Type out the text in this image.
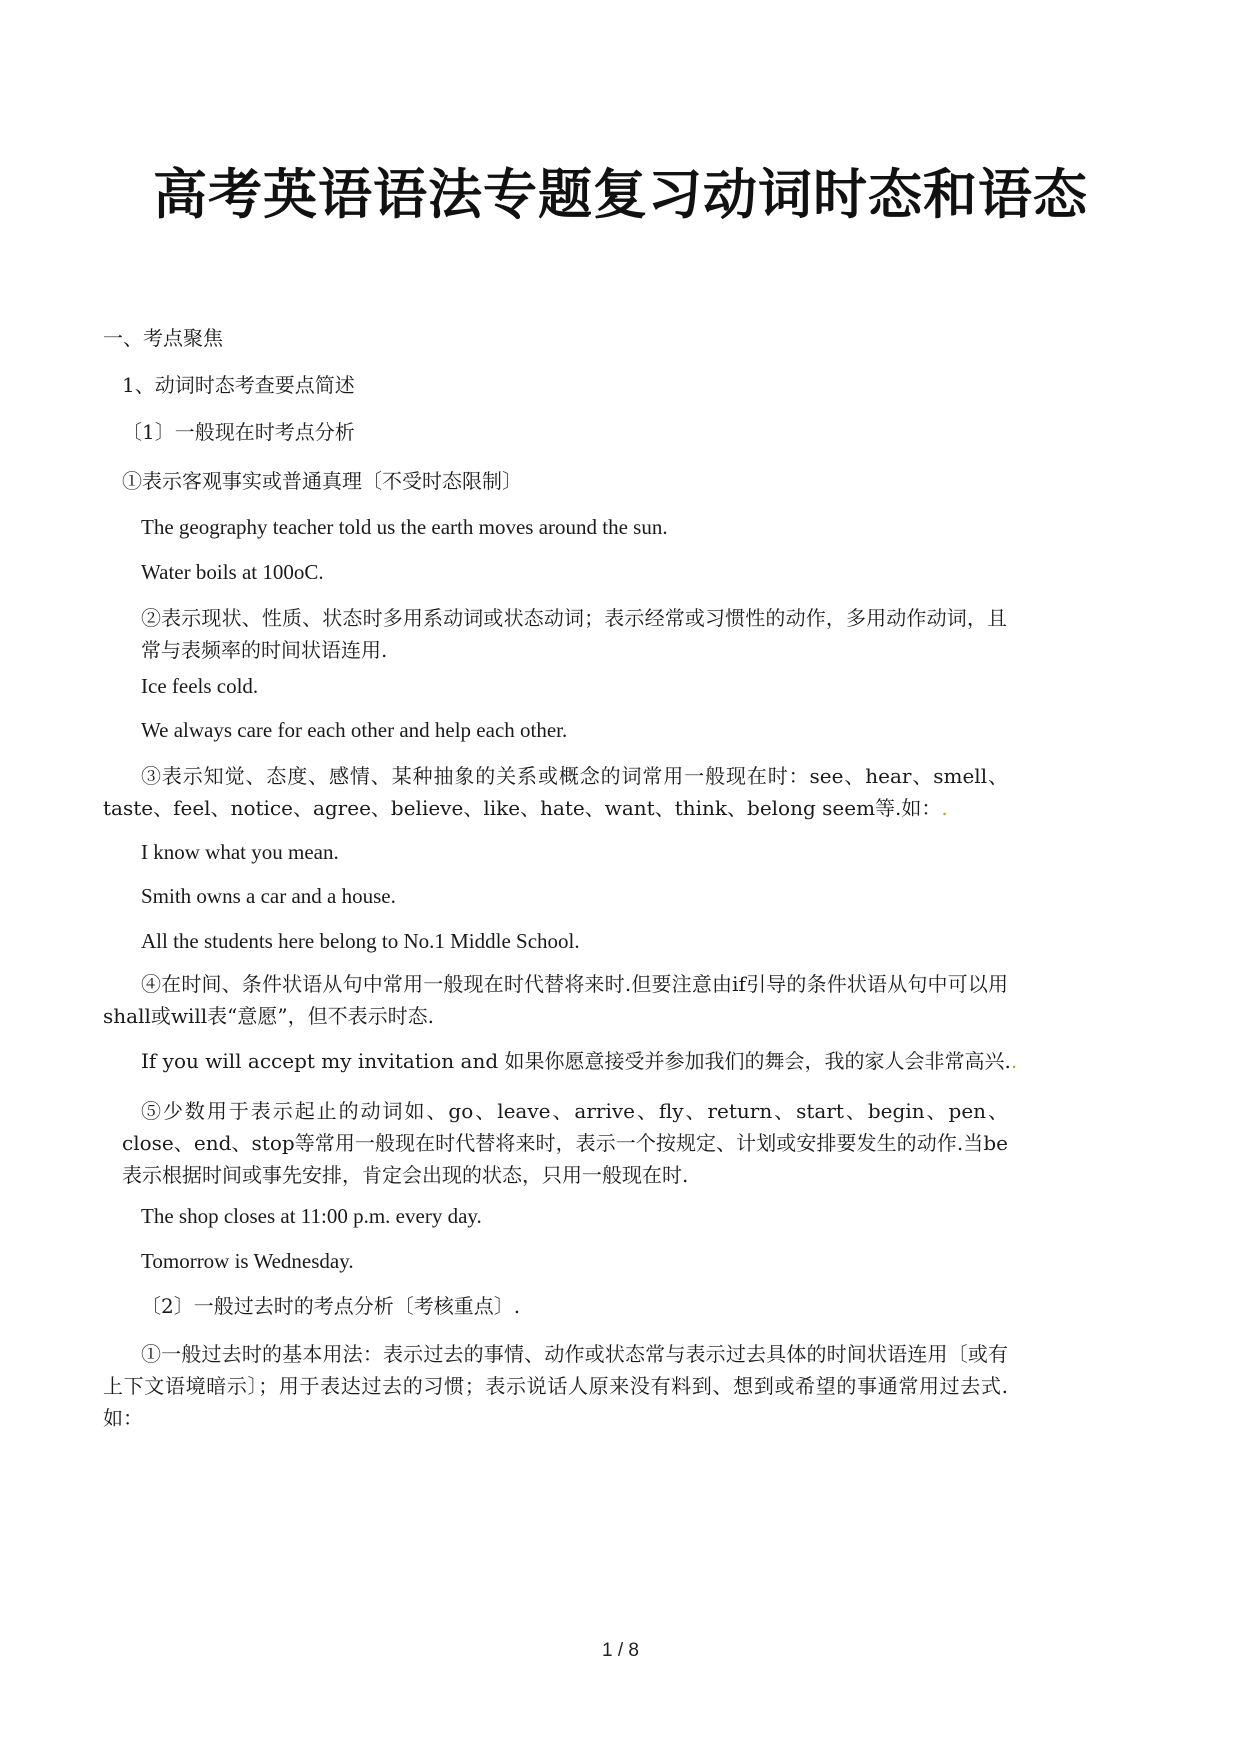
高考英语语法专题复习动词时态和语态

一、考点聚焦

1、动词时态考查要点简述

〔1〕一般现在时考点分析

①表示客观事实或普通真理〔不受时态限制〕

The geography teacher told us the earth moves around the sun.

Water boils at 100oC.

②表示现状、性质、状态时多用系动词或状态动词；表示经常或习惯性的动作，多用动作动词，且常与表频率的时间状语连用.

Ice feels cold.

We always care for each other and help each other.

③表示知觉、态度、感情、某种抽象的关系或概念的词常用一般现在时：see、hear、smell、taste、feel、notice、agree、believe、like、hate、want、think、belong seem等.如：.

I know what you mean.

Smith owns a car and a house.

All the students here belong to No.1 Middle School.

④在时间、条件状语从句中常用一般现在时代替将来时.但要注意由if引导的条件状语从句中可以用shall或will表“意愿”，但不表示时态.

If you will accept my invitation and 如果你愿意接受并参加我们的舞会，我的家人会非常高兴..

⑤少数用于表示起止的动词如、go、leave、arrive、fly、return、start、begin、pen、close、end、stop等常用一般现在时代替将来时，表示一个按规定、计划或安排要发生的动作.当be表示根据时间或事先安排，肯定会出现的状态，只用一般现在时.

The shop closes at 11:00 p.m. every day.

Tomorrow is Wednesday.

〔2〕一般过去时的考点分析〔考核重点〕.

①一般过去时的基本用法：表示过去的事情、动作或状态常与表示过去具体的时间状语连用〔或有上下文语境暗示〕；用于表达过去的习惯；表示说话人原来没有料到、想到或希望的事通常用过去式.如：

1 / 8
